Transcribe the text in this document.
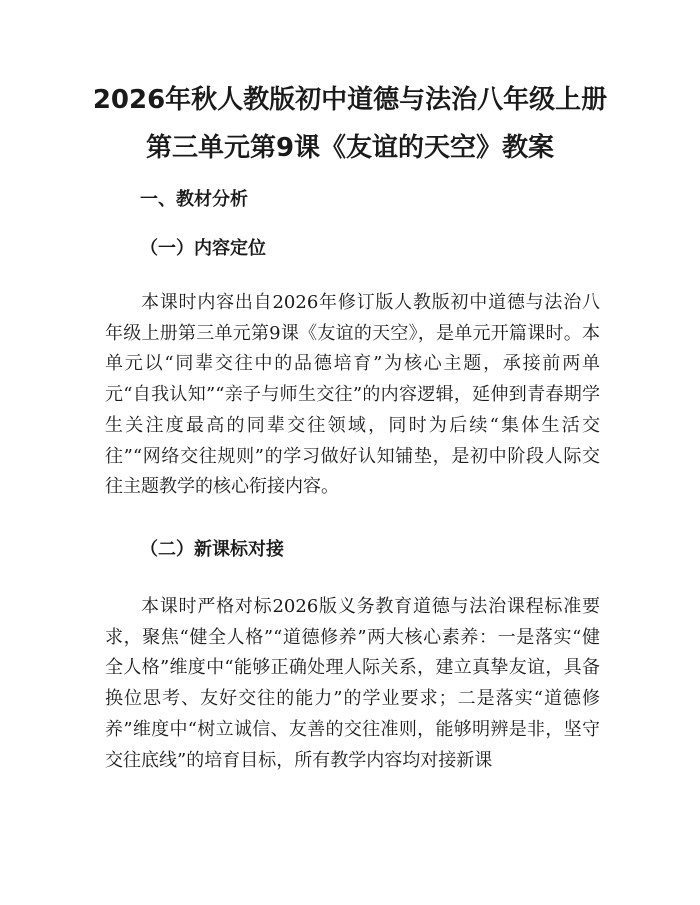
2026年秋人教版初中道德与法治八年级上册
第三单元第9课《友谊的天空》教案
一、教材分析
（一）内容定位

本课时内容出自2026年修订版人教版初中道德与法治八年级上册第三单元第9课《友谊的天空》，是单元开篇课时。本单元以“同辈交往中的品德培育”为核心主题，承接前两单元“自我认知”“亲子与师生交往”的内容逻辑，延伸到青春期学生关注度最高的同辈交往领域，同时为后续“集体生活交往”“网络交往规则”的学习做好认知铺垫，是初中阶段人际交往主题教学的核心衔接内容。

（二）新课标对接

本课时严格对标2026版义务教育道德与法治课程标准要求，聚焦“健全人格”“道德修养”两大核心素养：一是落实“健全人格”维度中“能够正确处理人际关系，建立真挚友谊，具备换位思考、友好交往的能力”的学业要求；二是落实“道德修养”维度中“树立诚信、友善的交往准则，能够明辨是非，坚守交往底线”的培育目标，所有教学内容均对接新课
